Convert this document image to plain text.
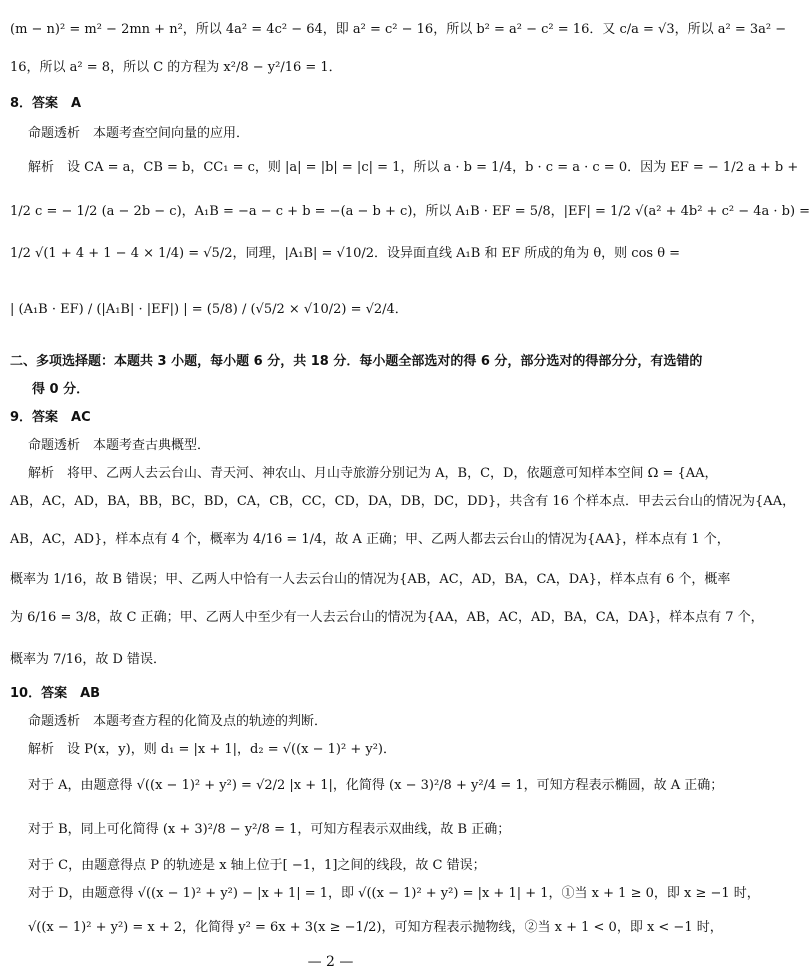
(m − n)² = m² − 2mn + n²，所以 4a² = 4c² − 64，即 a² = c² − 16，所以 b² = a² − c² = 16．又 c/a = √3，所以 a² = 3a² −
16，所以 a² = 8，所以 C 的方程为 x²/8 − y²/16 = 1．
8．答案　A
命题透析　本题考查空间向量的应用．
解析　设 CA = a，CB = b，CC₁ = c，则 |a| = |b| = |c| = 1，所以 a · b = 1/4，b · c = a · c = 0．因为 EF = − 1/2 a + b +
1/2 c = − 1/2 (a − 2b − c)，A₁B = −a − c + b = −(a − b + c)，所以 A₁B · EF = 5/8，|EF| = 1/2 √(a² + 4b² + c² − 4a · b) =
1/2 √(1 + 4 + 1 − 4 × 1/4) = √5/2，同理，|A₁B| = √10/2．设异面直线 A₁B 和 EF 所成的角为 θ，则 cos θ =
| (A₁B · EF) / (|A₁B| · |EF|) | = (5/8) / (√5/2 × √10/2) = √2/4．
二、多项选择题：本题共 3 小题，每小题 6 分，共 18 分．每小题全部选对的得 6 分，部分选对的得部分分，有选错的
得 0 分．
9．答案　AC
命题透析　本题考查古典概型．
解析　将甲、乙两人去云台山、青天河、神农山、月山寺旅游分别记为 A，B，C，D，依题意可知样本空间 Ω = {AA，
AB，AC，AD，BA，BB，BC，BD，CA，CB，CC，CD，DA，DB，DC，DD}，共含有 16 个样本点．甲去云台山的情况为{AA，
AB，AC，AD}，样本点有 4 个，概率为 4/16 = 1/4，故 A 正确；甲、乙两人都去云台山的情况为{AA}，样本点有 1 个，
概率为 1/16，故 B 错误；甲、乙两人中恰有一人去云台山的情况为{AB，AC，AD，BA，CA，DA}，样本点有 6 个，概率
为 6/16 = 3/8，故 C 正确；甲、乙两人中至少有一人去云台山的情况为{AA，AB，AC，AD，BA，CA，DA}，样本点有 7 个，
概率为 7/16，故 D 错误．
10．答案　AB
命题透析　本题考查方程的化简及点的轨迹的判断．
解析　设 P(x，y)，则 d₁ = |x + 1|，d₂ = √((x − 1)² + y²)．
对于 A，由题意得 √((x − 1)² + y²) = √2/2 |x + 1|，化简得 (x − 3)²/8 + y²/4 = 1，可知方程表示椭圆，故 A 正确；
对于 B，同上可化简得 (x + 3)²/8 − y²/8 = 1，可知方程表示双曲线，故 B 正确；
对于 C，由题意得点 P 的轨迹是 x 轴上位于[ −1，1]之间的线段，故 C 错误；
对于 D，由题意得 √((x − 1)² + y²) − |x + 1| = 1，即 √((x − 1)² + y²) = |x + 1| + 1，①当 x + 1 ≥ 0，即 x ≥ −1 时，
√((x − 1)² + y²) = x + 2，化简得 y² = 6x + 3(x ≥ −1/2)，可知方程表示抛物线，②当 x + 1 < 0，即 x < −1 时，
— 2 —
